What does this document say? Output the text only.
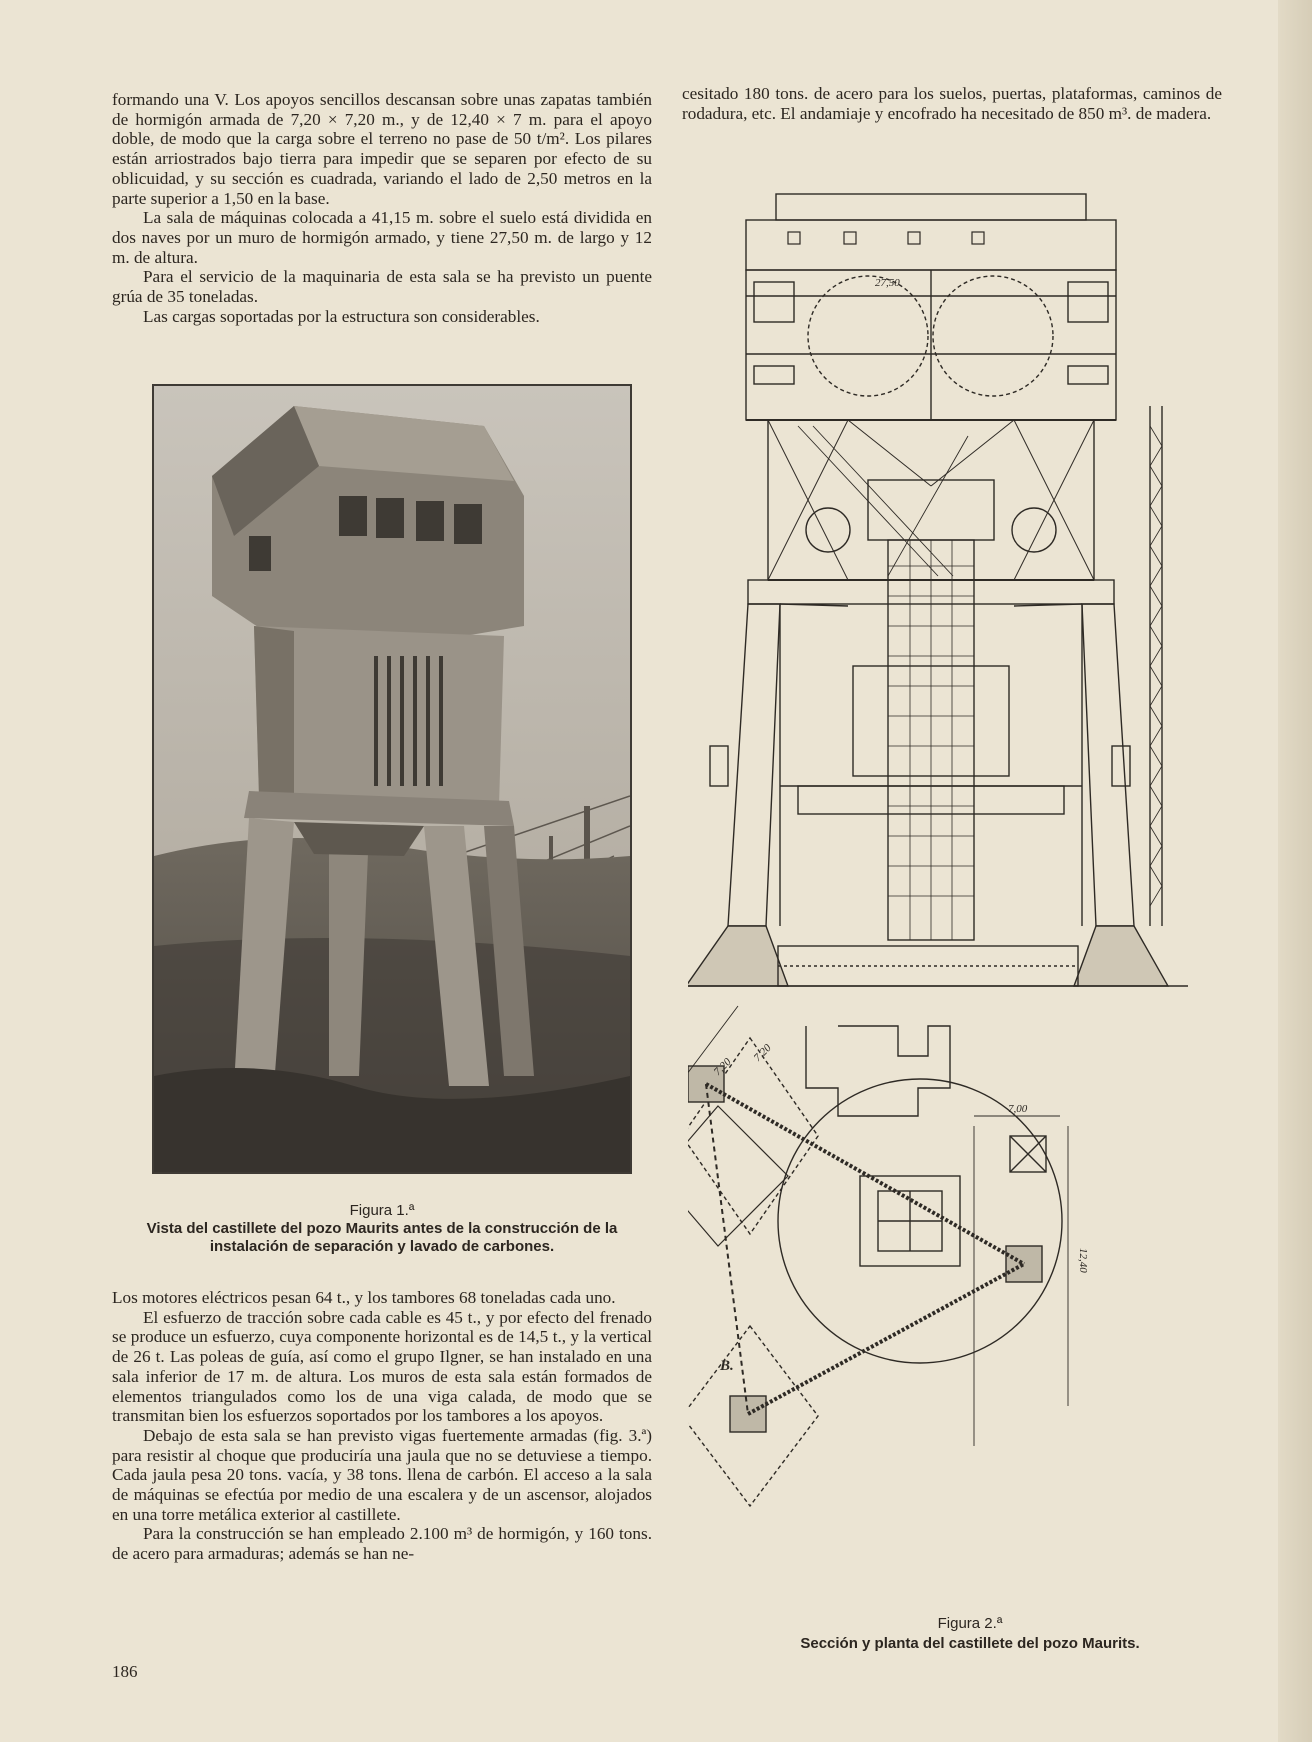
formando una V. Los apoyos sencillos descansan sobre unas zapatas también de hormigón armada de 7,20 × 7,20 m., y de 12,40 × 7 m. para el apoyo doble, de modo que la carga sobre el terreno no pase de 50 t/m². Los pilares están arriostrados bajo tierra para impedir que se separen por efecto de su oblicuidad, y su sección es cuadrada, variando el lado de 2,50 metros en la parte superior a 1,50 en la base.

La sala de máquinas colocada a 41,15 m. sobre el suelo está dividida en dos naves por un muro de hormigón armado, y tiene 27,50 m. de largo y 12 m. de altura.

Para el servicio de la maquinaria de esta sala se ha previsto un puente grúa de 35 toneladas.

Las cargas soportadas por la estructura son considerables.

Figura 1.ª
Vista del castillete del pozo Maurits antes de la construcción de la instalación de separación y lavado de carbones.

Los motores eléctricos pesan 64 t., y los tambores 68 toneladas cada uno.

El esfuerzo de tracción sobre cada cable es 45 t., y por efecto del frenado se produce un esfuerzo, cuya componente horizontal es de 14,5 t., y la vertical de 26 t. Las poleas de guía, así como el grupo Ilgner, se han instalado en una sala inferior de 17 m. de altura. Los muros de esta sala están formados de elementos triangulados como los de una viga calada, de modo que se transmitan bien los esfuerzos soportados por los tambores a los apoyos.

Debajo de esta sala se han previsto vigas fuertemente armadas (fig. 3.ª) para resistir al choque que produciría una jaula que no se detuviese a tiempo. Cada jaula pesa 20 tons. vacía, y 38 tons. llena de carbón. El acceso a la sala de máquinas se efectúa por medio de una escalera y de un ascensor, alojados en una torre metálica exterior al castillete.

Para la construcción se han empleado 2.100 m³ de hormigón, y 160 tons. de acero para armaduras; además se han ne-

cesitado 180 tons. de acero para los suelos, puertas, plataformas, caminos de rodadura, etc. El andamiaje y encofrado ha necesitado de 850 m³. de madera.

27,50
7,20
7,20
7,00
12,40
B.
Figura 2.ª
Sección y planta del castillete del pozo Maurits.
186
